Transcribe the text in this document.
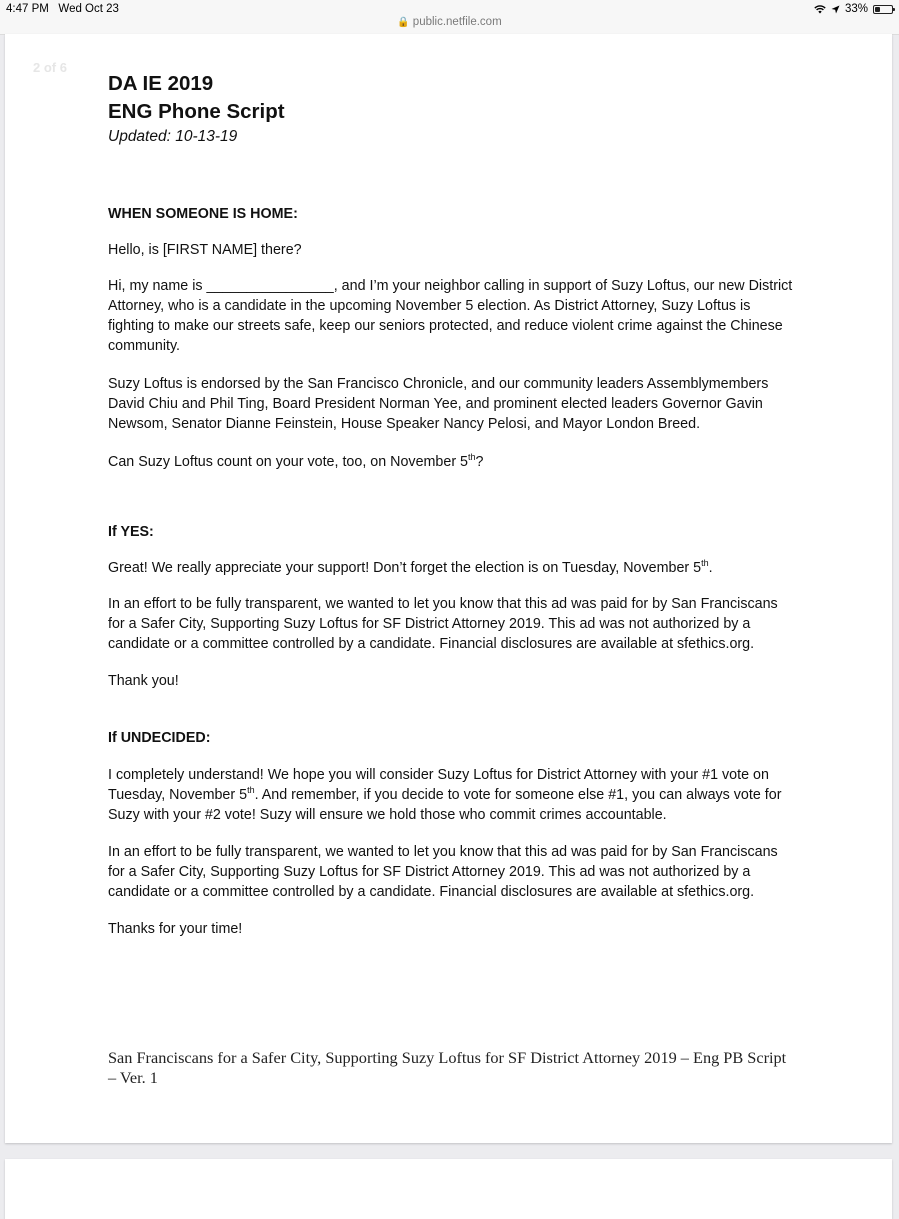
4:47 PM Wed Oct 23
🔒 public.netfile.com
33%
2 of 6
DA IE 2019
ENG Phone Script
Updated: 10-13-19

WHEN SOMEONE IS HOME:

Hello, is [FIRST NAME] there?

Hi, my name is ________________, and I’m your neighbor calling in support of Suzy Loftus, our new District Attorney, who is a candidate in the upcoming November 5 election. As District Attorney, Suzy Loftus is fighting to make our streets safe, keep our seniors protected, and reduce violent crime against the Chinese community.

Suzy Loftus is endorsed by the San Francisco Chronicle, and our community leaders Assemblymembers David Chiu and Phil Ting, Board President Norman Yee, and prominent elected leaders Governor Gavin Newsom, Senator Dianne Feinstein, House Speaker Nancy Pelosi, and Mayor London Breed.

Can Suzy Loftus count on your vote, too, on November 5th?

If YES:

Great! We really appreciate your support! Don’t forget the election is on Tuesday, November 5th.

In an effort to be fully transparent, we wanted to let you know that this ad was paid for by San Franciscans for a Safer City, Supporting Suzy Loftus for SF District Attorney 2019. This ad was not authorized by a candidate or a committee controlled by a candidate. Financial disclosures are available at sfethics.org.

Thank you!

If UNDECIDED:

I completely understand! We hope you will consider Suzy Loftus for District Attorney with your #1 vote on Tuesday, November 5th. And remember, if you decide to vote for someone else #1, you can always vote for Suzy with your #2 vote! Suzy will ensure we hold those who commit crimes accountable.

In an effort to be fully transparent, we wanted to let you know that this ad was paid for by San Franciscans for a Safer City, Supporting Suzy Loftus for SF District Attorney 2019. This ad was not authorized by a candidate or a committee controlled by a candidate. Financial disclosures are available at sfethics.org.

Thanks for your time!

San Franciscans for a Safer City, Supporting Suzy Loftus for SF District Attorney 2019 – Eng PB Script – Ver. 1
